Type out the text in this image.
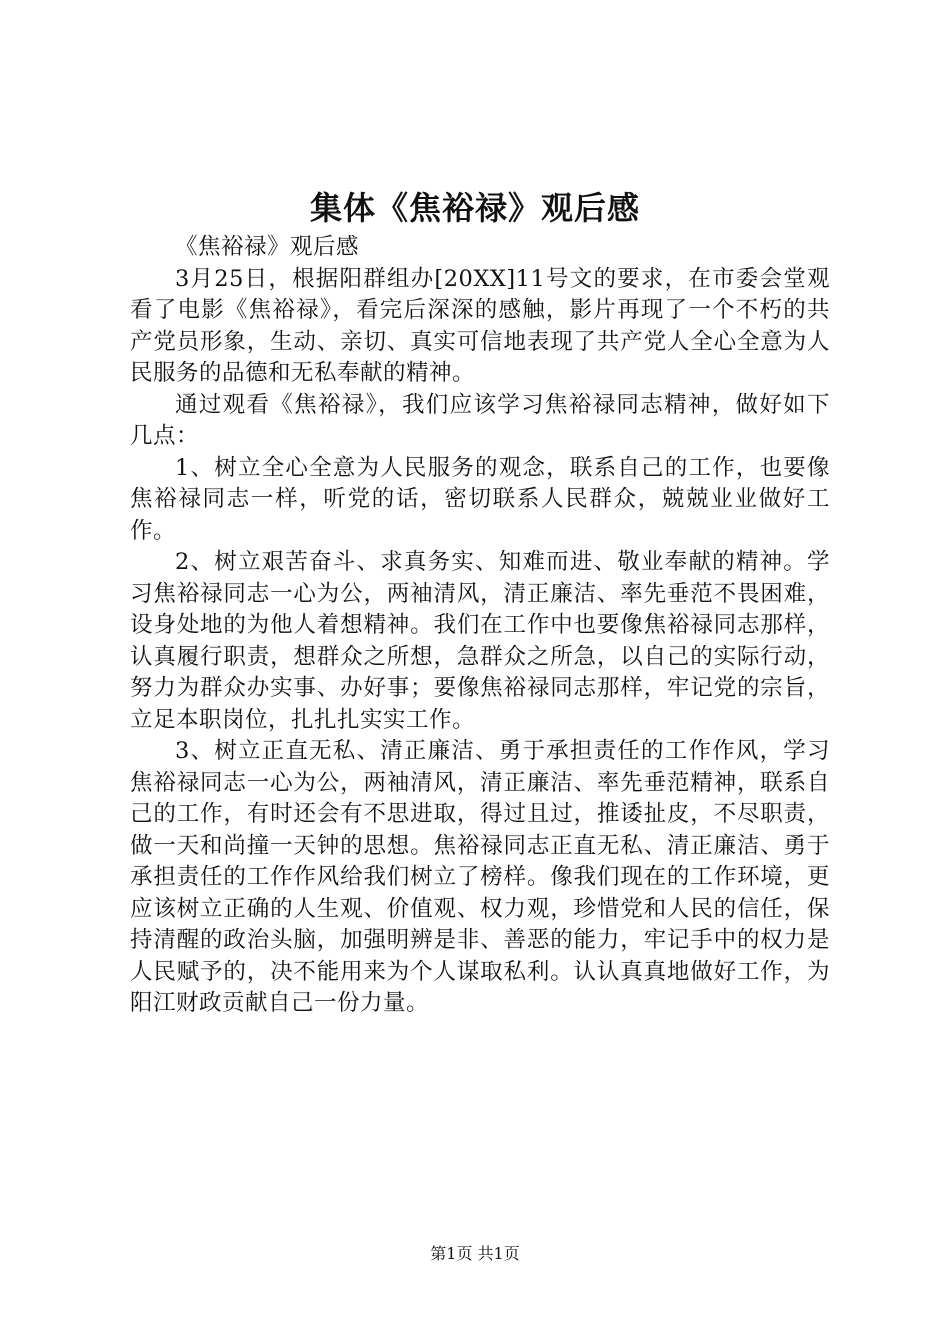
集体《焦裕禄》观后感

《焦裕禄》观后感

3月25日，根据阳群组办[20XX]11号文的要求，在市委会堂观看了电影《焦裕禄》，看完后深深的感触，影片再现了一个不朽的共产党员形象，生动、亲切、真实可信地表现了共产党人全心全意为人民服务的品德和无私奉献的精神。

通过观看《焦裕禄》，我们应该学习焦裕禄同志精神，做好如下几点：

1、树立全心全意为人民服务的观念，联系自己的工作，也要像焦裕禄同志一样，听党的话，密切联系人民群众，兢兢业业做好工作。

2、树立艰苦奋斗、求真务实、知难而进、敬业奉献的精神。学习焦裕禄同志一心为公，两袖清风，清正廉洁、率先垂范不畏困难，设身处地的为他人着想精神。我们在工作中也要像焦裕禄同志那样，认真履行职责，想群众之所想，急群众之所急，以自己的实际行动，努力为群众办实事、办好事；要像焦裕禄同志那样，牢记党的宗旨，立足本职岗位，扎扎扎实实工作。

3、树立正直无私、清正廉洁、勇于承担责任的工作作风，学习焦裕禄同志一心为公，两袖清风，清正廉洁、率先垂范精神，联系自己的工作，有时还会有不思进取，得过且过，推诿扯皮，不尽职责，做一天和尚撞一天钟的思想。焦裕禄同志正直无私、清正廉洁、勇于承担责任的工作作风给我们树立了榜样。像我们现在的工作环境，更应该树立正确的人生观、价值观、权力观，珍惜党和人民的信任，保持清醒的政治头脑，加强明辨是非、善恶的能力，牢记手中的权力是人民赋予的，决不能用来为个人谋取私利。认认真真地做好工作，为阳江财政贡献自己一份力量。

第1页 共1页
